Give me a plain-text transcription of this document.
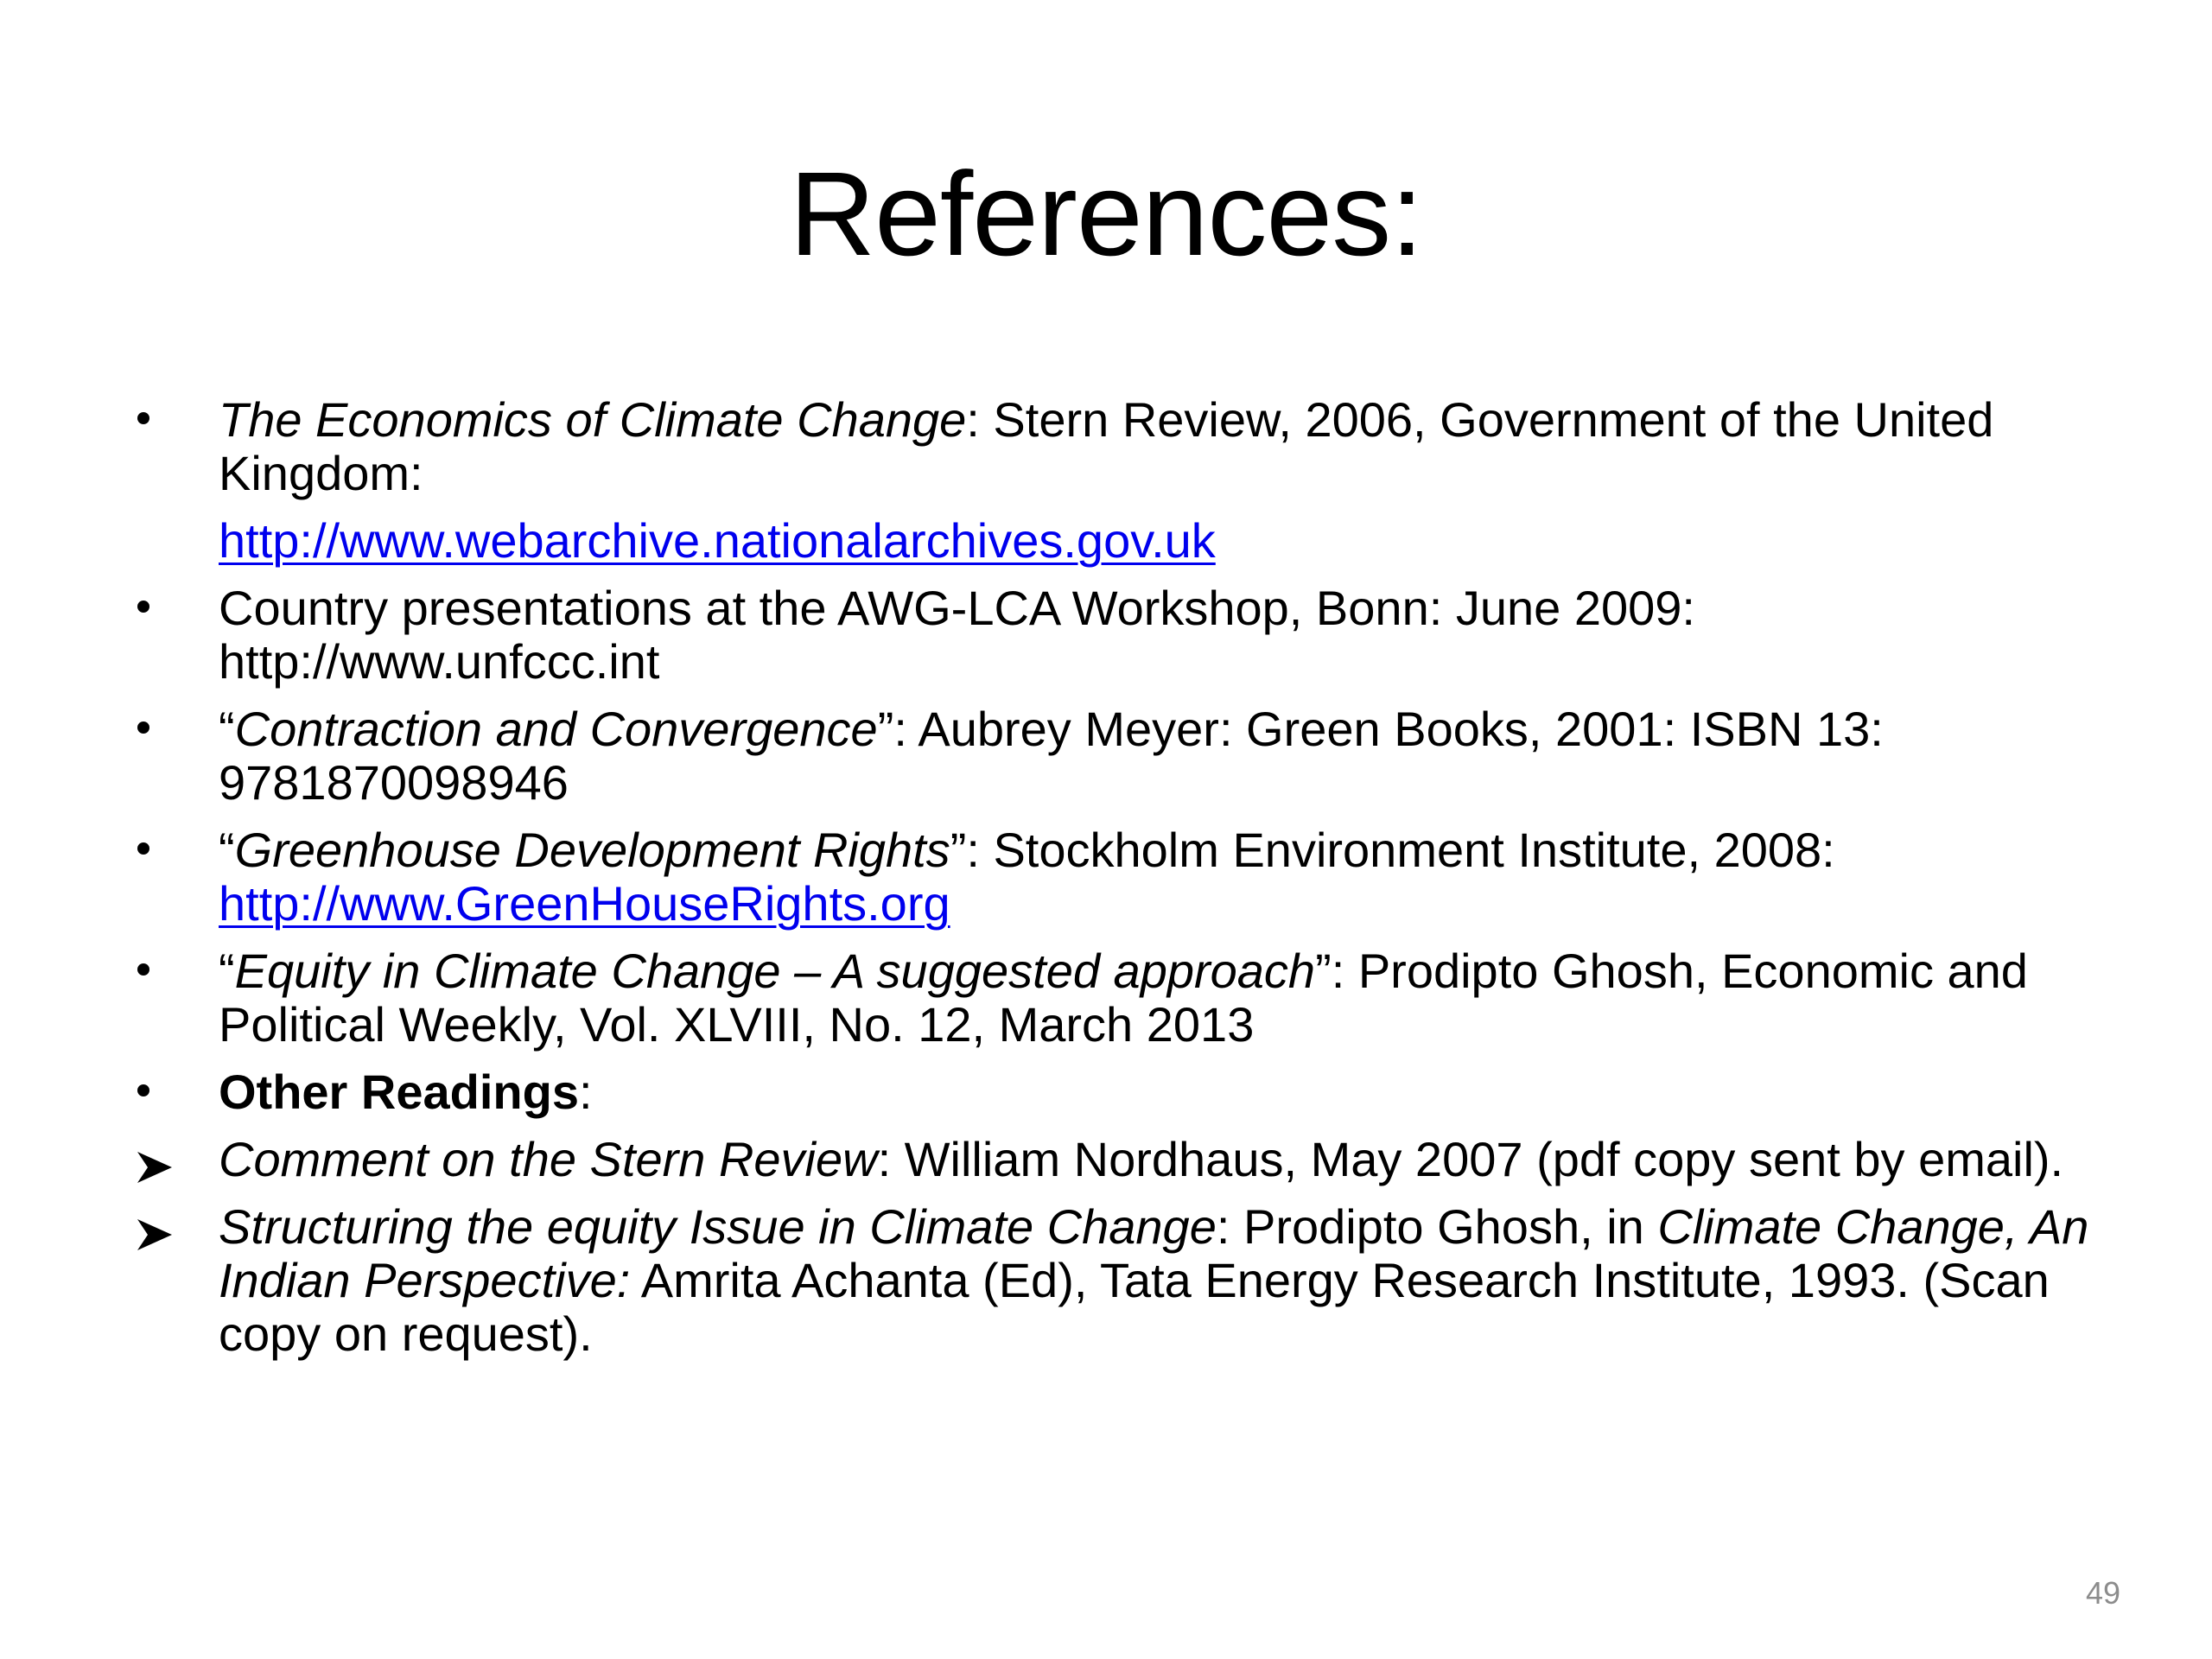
References:
The Economics of Climate Change: Stern Review, 2006, Government of the United Kingdom:
http://www.webarchive.nationalarchives.gov.uk
Country presentations at the AWG-LCA Workshop, Bonn: June 2009: http://www.unfccc.int
“Contraction and Convergence”: Aubrey Meyer: Green Books, 2001: ISBN 13: 9781870098946
“Greenhouse Development Rights”: Stockholm Environment Institute, 2008:
http://www.GreenHouseRights.org
“Equity in Climate Change – A suggested approach”: Prodipto Ghosh, Economic and Political Weekly, Vol. XLVIII, No. 12, March 2013
Other Readings:
Comment on the Stern Review: William Nordhaus, May 2007 (pdf copy sent by email).
Structuring the equity Issue in Climate Change: Prodipto Ghosh, in Climate Change, An Indian Perspective: Amrita Achanta (Ed), Tata Energy Research Institute, 1993. (Scan copy on request).
49
